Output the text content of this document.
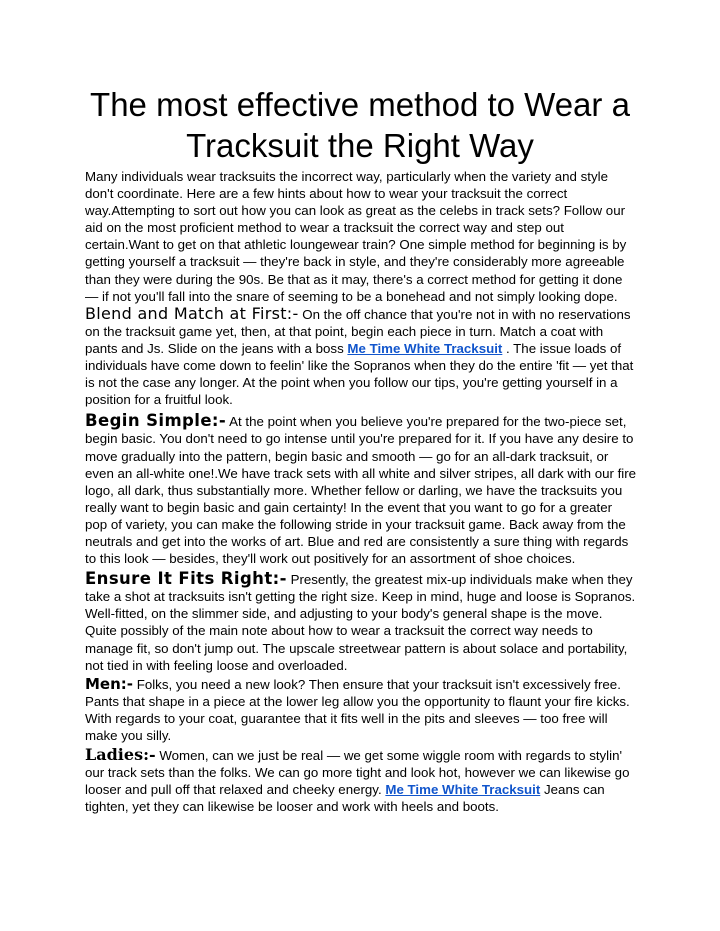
The most effective method to Wear a Tracksuit the Right Way

Many individuals wear tracksuits the incorrect way, particularly when the variety and style don't coordinate. Here are a few hints about how to wear your tracksuit the correct way.Attempting to sort out how you can look as great as the celebs in track sets? Follow our aid on the most proficient method to wear a tracksuit the correct way and step out certain.Want to get on that athletic loungewear train? One simple method for beginning is by getting yourself a tracksuit — they're back in style, and they're considerably more agreeable than they were during the 90s. Be that as it may, there's a correct method for getting it done — if not you'll fall into the snare of seeming to be a bonehead and not simply looking dope.

Blend and Match at First:- On the off chance that you're not in with no reservations on the tracksuit game yet, then, at that point, begin each piece in turn. Match a coat with pants and Js. Slide on the jeans with a boss Me Time White Tracksuit . The issue loads of individuals have come down to feelin' like the Sopranos when they do the entire 'fit — yet that is not the case any longer. At the point when you follow our tips, you're getting yourself in a position for a fruitful look.

Begin Simple:- At the point when you believe you're prepared for the two-piece set, begin basic. You don't need to go intense until you're prepared for it. If you have any desire to move gradually into the pattern, begin basic and smooth — go for an all-dark tracksuit, or even an all-white one!.We have track sets with all white and silver stripes, all dark with our fire logo, all dark, thus substantially more. Whether fellow or darling, we have the tracksuits you really want to begin basic and gain certainty! In the event that you want to go for a greater pop of variety, you can make the following stride in your tracksuit game. Back away from the neutrals and get into the works of art. Blue and red are consistently a sure thing with regards to this look — besides, they'll work out positively for an assortment of shoe choices.

Ensure It Fits Right:- Presently, the greatest mix-up individuals make when they take a shot at tracksuits isn't getting the right size. Keep in mind, huge and loose is Sopranos. Well-fitted, on the slimmer side, and adjusting to your body's general shape is the move. Quite possibly of the main note about how to wear a tracksuit the correct way needs to manage fit, so don't jump out. The upscale streetwear pattern is about solace and portability, not tied in with feeling loose and overloaded.

Men:- Folks, you need a new look? Then ensure that your tracksuit isn't excessively free. Pants that shape in a piece at the lower leg allow you the opportunity to flaunt your fire kicks. With regards to your coat, guarantee that it fits well in the pits and sleeves — too free will make you silly.

Ladies:- Women, can we just be real — we get some wiggle room with regards to stylin' our track sets than the folks. We can go more tight and look hot, however we can likewise go looser and pull off that relaxed and cheeky energy. Me Time White Tracksuit Jeans can tighten, yet they can likewise be looser and work with heels and boots.
